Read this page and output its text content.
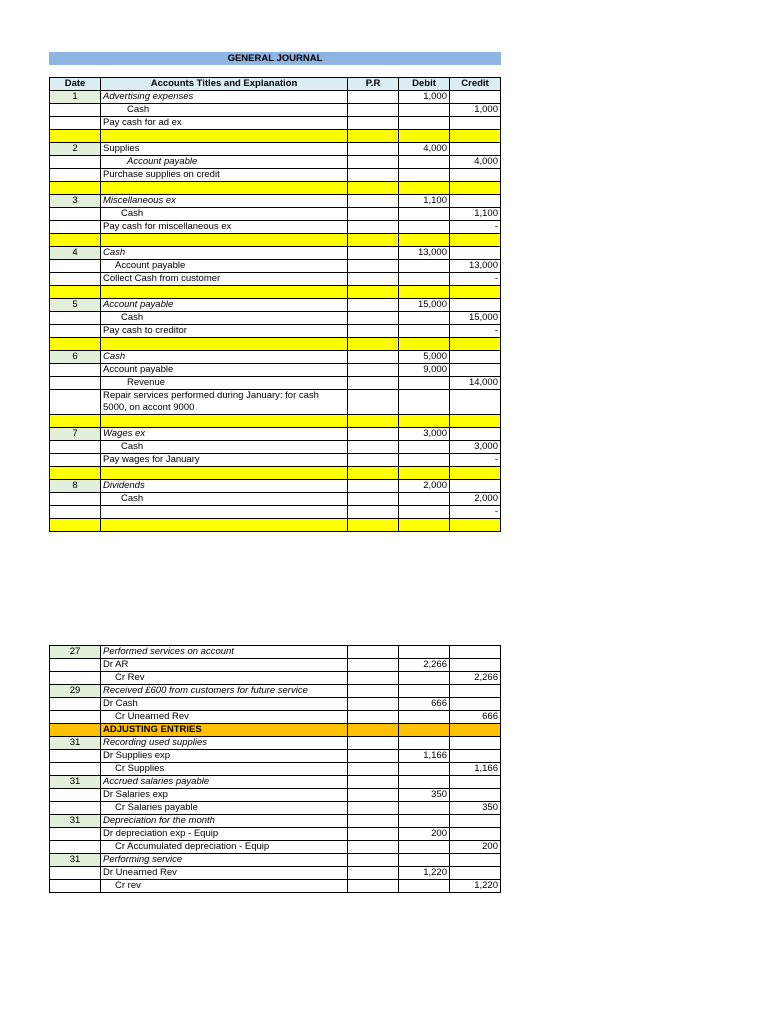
GENERAL JOURNAL
Date	Accounts Titles and Explanation	P.R	Debit	Credit
1	Advertising expenses		1,000	
	Cash			1,000
	Pay cash for ad ex			

2	Supplies		4,000	
	Account payable			4,000
	Purchase supplies on credit			

3	Miscellaneous ex		1,100	
	Cash			1,100
	Pay cash for miscellaneous ex			-

4	Cash		13,000	
	Account payable			13,000
	Collect Cash from customer			-

5	Account payable		15,000	
	Cash			15,000
	Pay cash to creditor			-

6	Cash		5,000	
	Account payable		9,000	
	Revenue			14,000
	Repair services performed during January: for cash 5000, on accont 9000			

7	Wages ex		3,000	
	Cash			3,000
	Pay wages for January			-

8	Dividends		2,000	
	Cash			2,000
				-

27	Performed services on account			
	Dr AR		2,266	
	Cr Rev			2,266
29	Received £600 from customers for future service			
	Dr Cash		666	
	Cr Unearned Rev			666
	ADJUSTING ENTRIES			
31	Recording used supplies			
	Dr Supplies exp		1,166	
	Cr Supplies			1,166
31	Accrued salaries payable			
	Dr Salaries exp		350	
	Cr Salaries payable			350
31	Depreciation for the month			
	Dr depreciation exp - Equip		200	
	Cr Accumulated depreciation - Equip			200
31	Performing service			
	Dr Unearned Rev		1,220	
	Cr rev			1,220
